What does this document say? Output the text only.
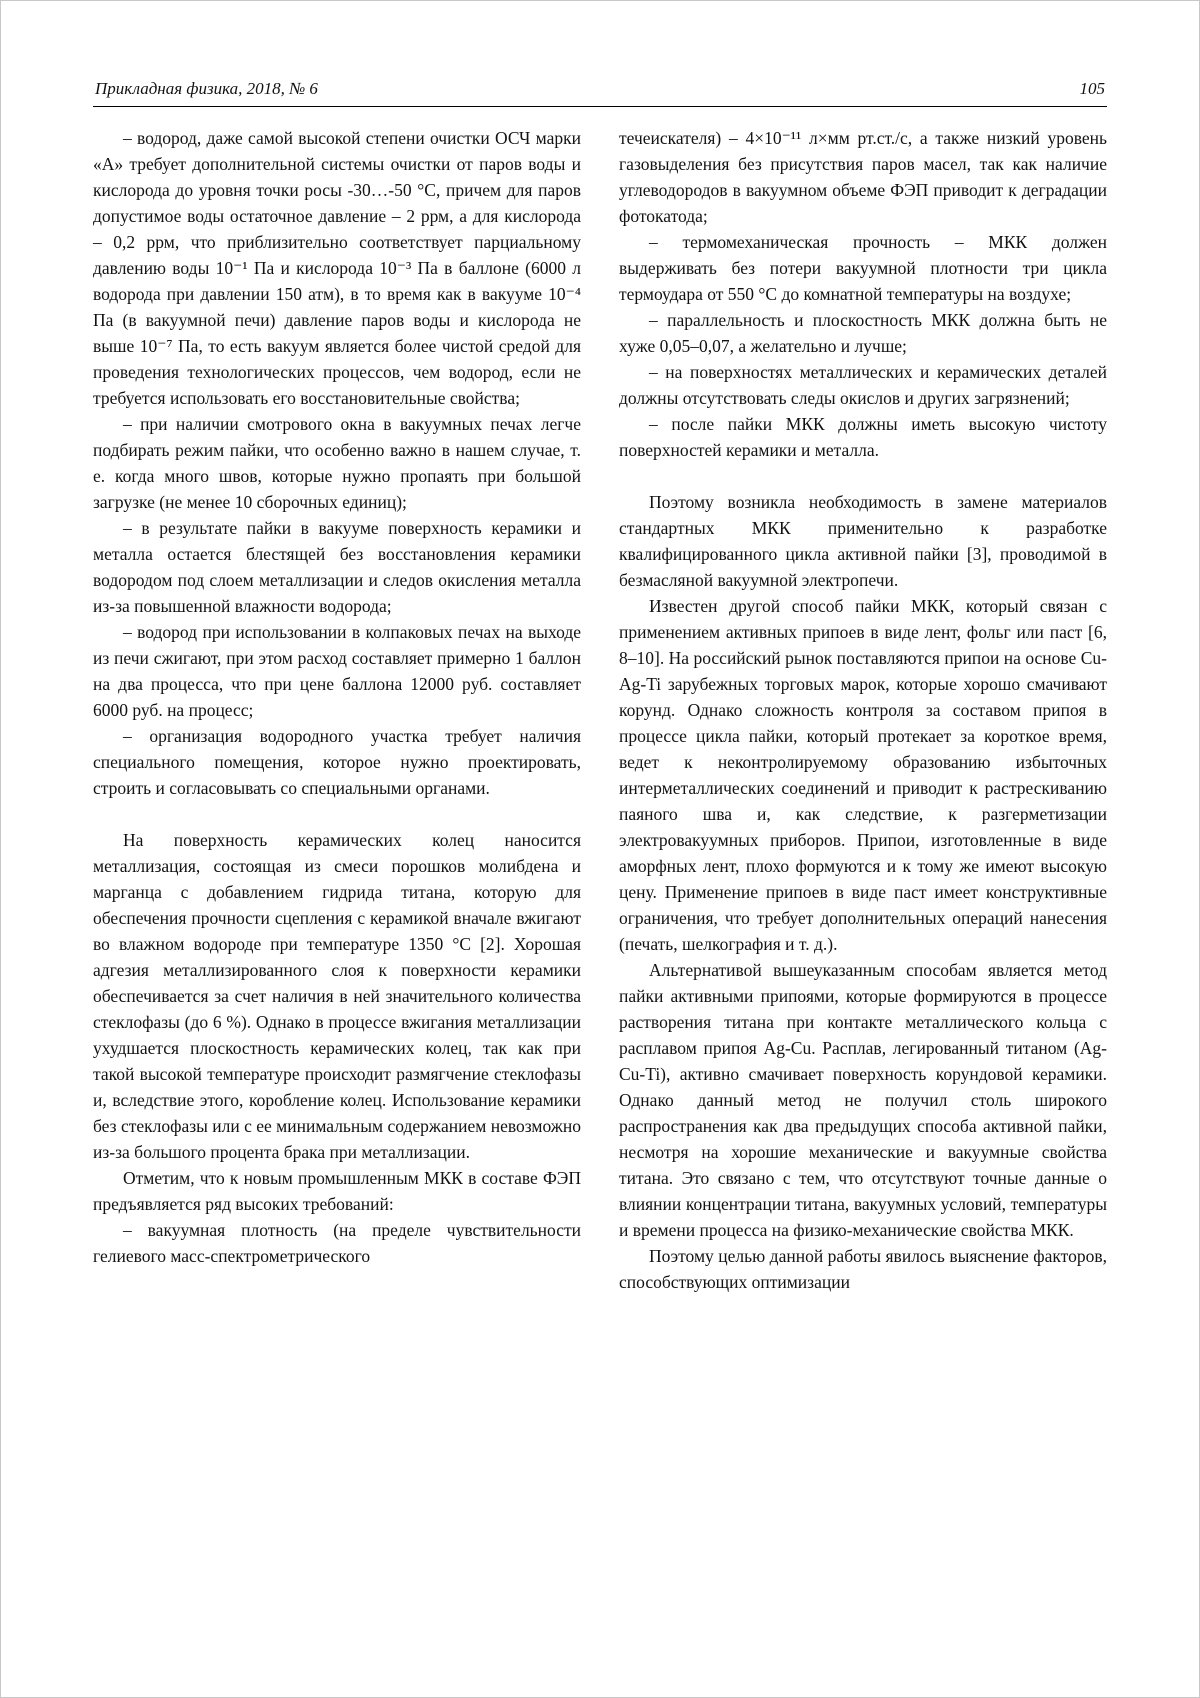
Прикладная физика, 2018, № 6	105

– водород, даже самой высокой степени очистки ОСЧ марки «А» требует дополнительной системы очистки от паров воды и кислорода до уровня точки росы -30…-50 °С, причем для паров допустимое воды остаточное давление – 2 ррм, а для кислорода – 0,2 ррм, что приблизительно соответствует парциальному давлению воды 10⁻¹ Па и кислорода 10⁻³ Па в баллоне (6000 л водорода при давлении 150 атм), в то время как в вакууме 10⁻⁴ Па (в вакуумной печи) давление паров воды и кислорода не выше 10⁻⁷ Па, то есть вакуум является более чистой средой для проведения технологических процессов, чем водород, если не требуется использовать его восстановительные свойства;

– при наличии смотрового окна в вакуумных печах легче подбирать режим пайки, что особенно важно в нашем случае, т. е. когда много швов, которые нужно пропаять при большой загрузке (не менее 10 сборочных единиц);

– в результате пайки в вакууме поверхность керамики и металла остается блестящей без восстановления керамики водородом под слоем металлизации и следов окисления металла из-за повышенной влажности водорода;

– водород при использовании в колпаковых печах на выходе из печи сжигают, при этом расход составляет примерно 1 баллон на два процесса, что при цене баллона 12000 руб. составляет 6000 руб. на процесс;

– организация водородного участка требует наличия специального помещения, которое нужно проектировать, строить и согласовывать со специальными органами.

На поверхность керамических колец наносится металлизация, состоящая из смеси порошков молибдена и марганца с добавлением гидрида титана, которую для обеспечения прочности сцепления с керамикой вначале вжигают во влажном водороде при температуре 1350 °С [2]. Хорошая адгезия металлизированного слоя к поверхности керамики обеспечивается за счет наличия в ней значительного количества стеклофазы (до 6 %). Однако в процессе вжигания металлизации ухудшается плоскостность керамических колец, так как при такой высокой температуре происходит размягчение стеклофазы и, вследствие этого, коробление колец. Использование керамики без стеклофазы или с ее минимальным содержанием невозможно из-за большого процента брака при металлизации.

Отметим, что к новым промышленным МКК в составе ФЭП предъявляется ряд высоких требований:

– вакуумная плотность (на пределе чувствительности гелиевого масс-спектрометрического

течеискателя) – 4×10⁻¹¹ л×мм рт.ст./с, а также низкий уровень газовыделения без присутствия паров масел, так как наличие углеводородов в вакуумном объеме ФЭП приводит к деградации фотокатода;

– термомеханическая прочность – МКК должен выдерживать без потери вакуумной плотности три цикла термоудара от 550 °С до комнатной температуры на воздухе;

– параллельность и плоскостность МКК должна быть не хуже 0,05–0,07, а желательно и лучше;

– на поверхностях металлических и керамических деталей должны отсутствовать следы окислов и других загрязнений;

– после пайки МКК должны иметь высокую чистоту поверхностей керамики и металла.

Поэтому возникла необходимость в замене материалов стандартных МКК применительно к разработке квалифицированного цикла активной пайки [3], проводимой в безмасляной вакуумной электропечи.

Известен другой способ пайки МКК, который связан с применением активных припоев в виде лент, фольг или паст [6, 8–10]. На российский рынок поставляются припои на основе Cu-Ag-Ti зарубежных торговых марок, которые хорошо смачивают корунд. Однако сложность контроля за составом припоя в процессе цикла пайки, который протекает за короткое время, ведет к неконтролируемому образованию избыточных интерметаллических соединений и приводит к растрескиванию паяного шва и, как следствие, к разгерметизации электровакуумных приборов. Припои, изготовленные в виде аморфных лент, плохо формуются и к тому же имеют высокую цену. Применение припоев в виде паст имеет конструктивные ограничения, что требует дополнительных операций нанесения (печать, шелкография и т. д.).

Альтернативой вышеуказанным способам является метод пайки активными припоями, которые формируются в процессе растворения титана при контакте металлического кольца с расплавом припоя Ag-Cu. Расплав, легированный титаном (Ag-Cu-Ti), активно смачивает поверхность корундовой керамики. Однако данный метод не получил столь широкого распространения как два предыдущих способа активной пайки, несмотря на хорошие механические и вакуумные свойства титана. Это связано с тем, что отсутствуют точные данные о влиянии концентрации титана, вакуумных условий, температуры и времени процесса на физико-механические свойства МКК.

Поэтому целью данной работы явилось выяснение факторов, способствующих оптимизации
